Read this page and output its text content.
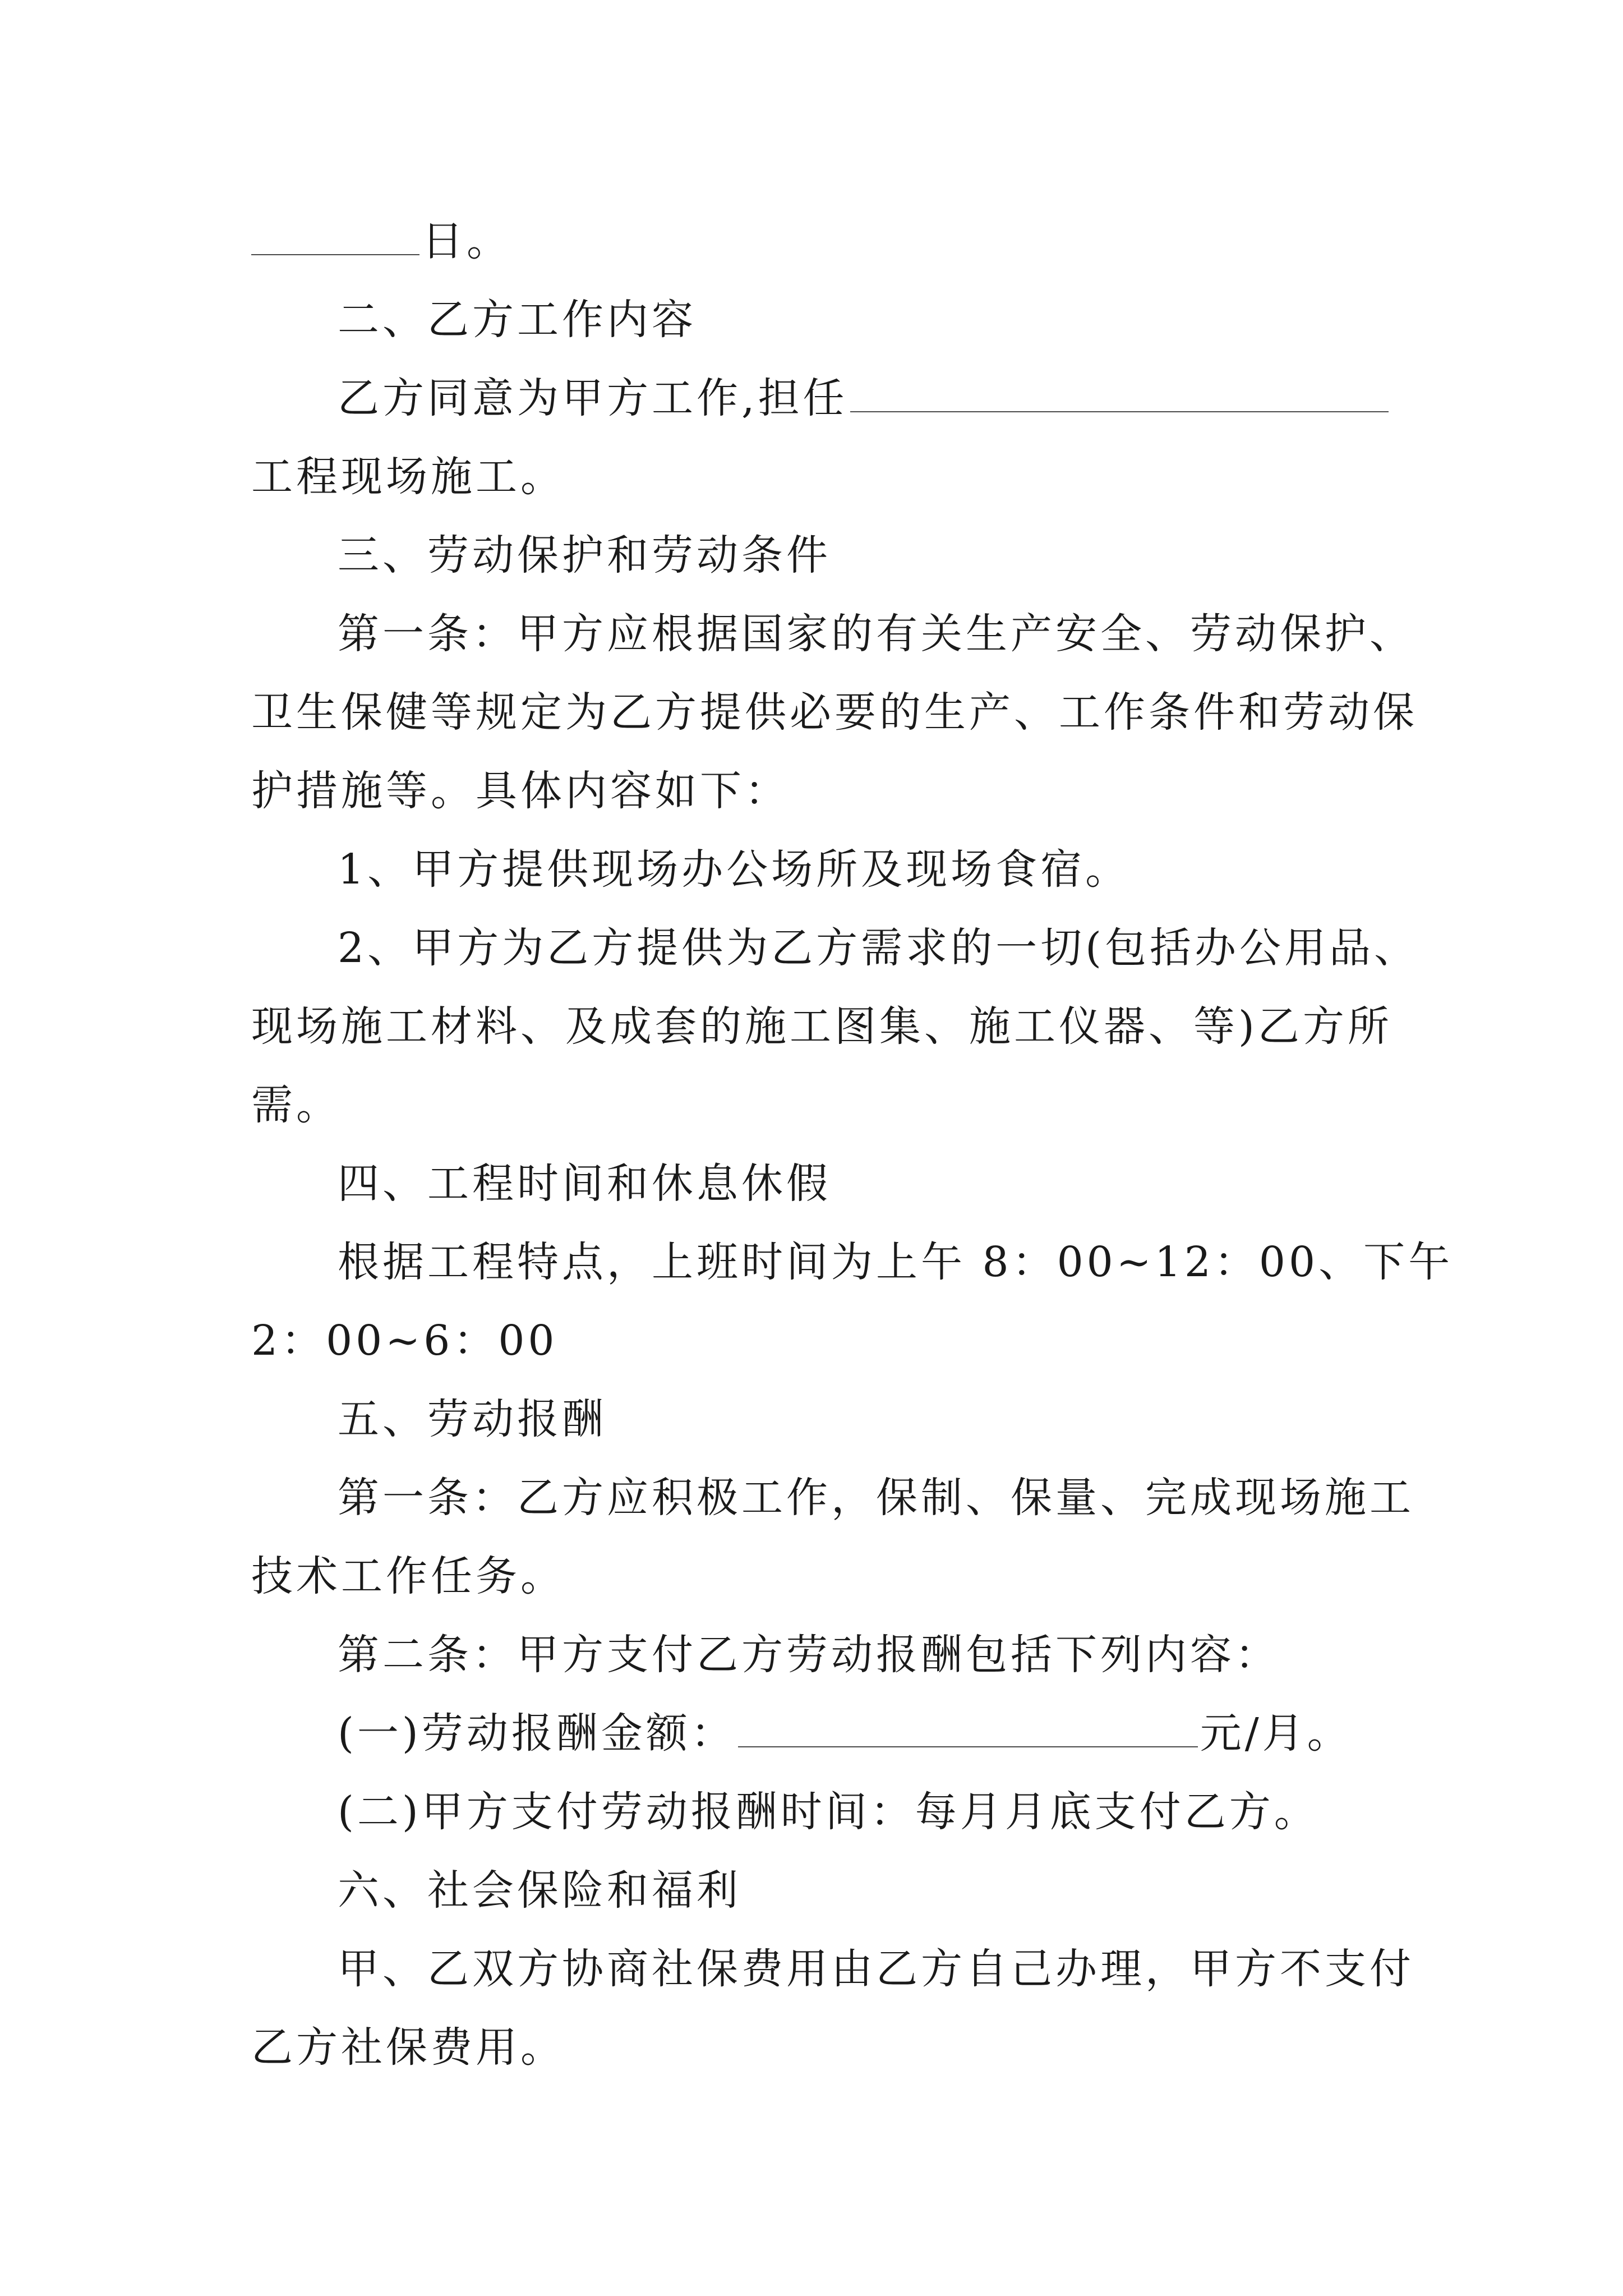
日。
二、乙方工作内容
乙方同意为甲方工作,担任
工程现场施工。
三、劳动保护和劳动条件
第一条：甲方应根据国家的有关生产安全、劳动保护、
卫生保健等规定为乙方提供必要的生产、工作条件和劳动保
护措施等。具体内容如下：
1、甲方提供现场办公场所及现场食宿。
2、甲方为乙方提供为乙方需求的一切(包括办公用品、
现场施工材料、及成套的施工图集、施工仪器、等)乙方所
需。
四、工程时间和休息休假
根据工程特点，上班时间为上午 8：00~12：00、下午
2：00~6：00
五、劳动报酬
第一条：乙方应积极工作，保制、保量、完成现场施工
技术工作任务。
第二条：甲方支付乙方劳动报酬包括下列内容：
(一)劳动报酬金额：	元/月。
(二)甲方支付劳动报酬时间：每月月底支付乙方。
六、社会保险和福利
甲、乙双方协商社保费用由乙方自己办理，甲方不支付
乙方社保费用。
